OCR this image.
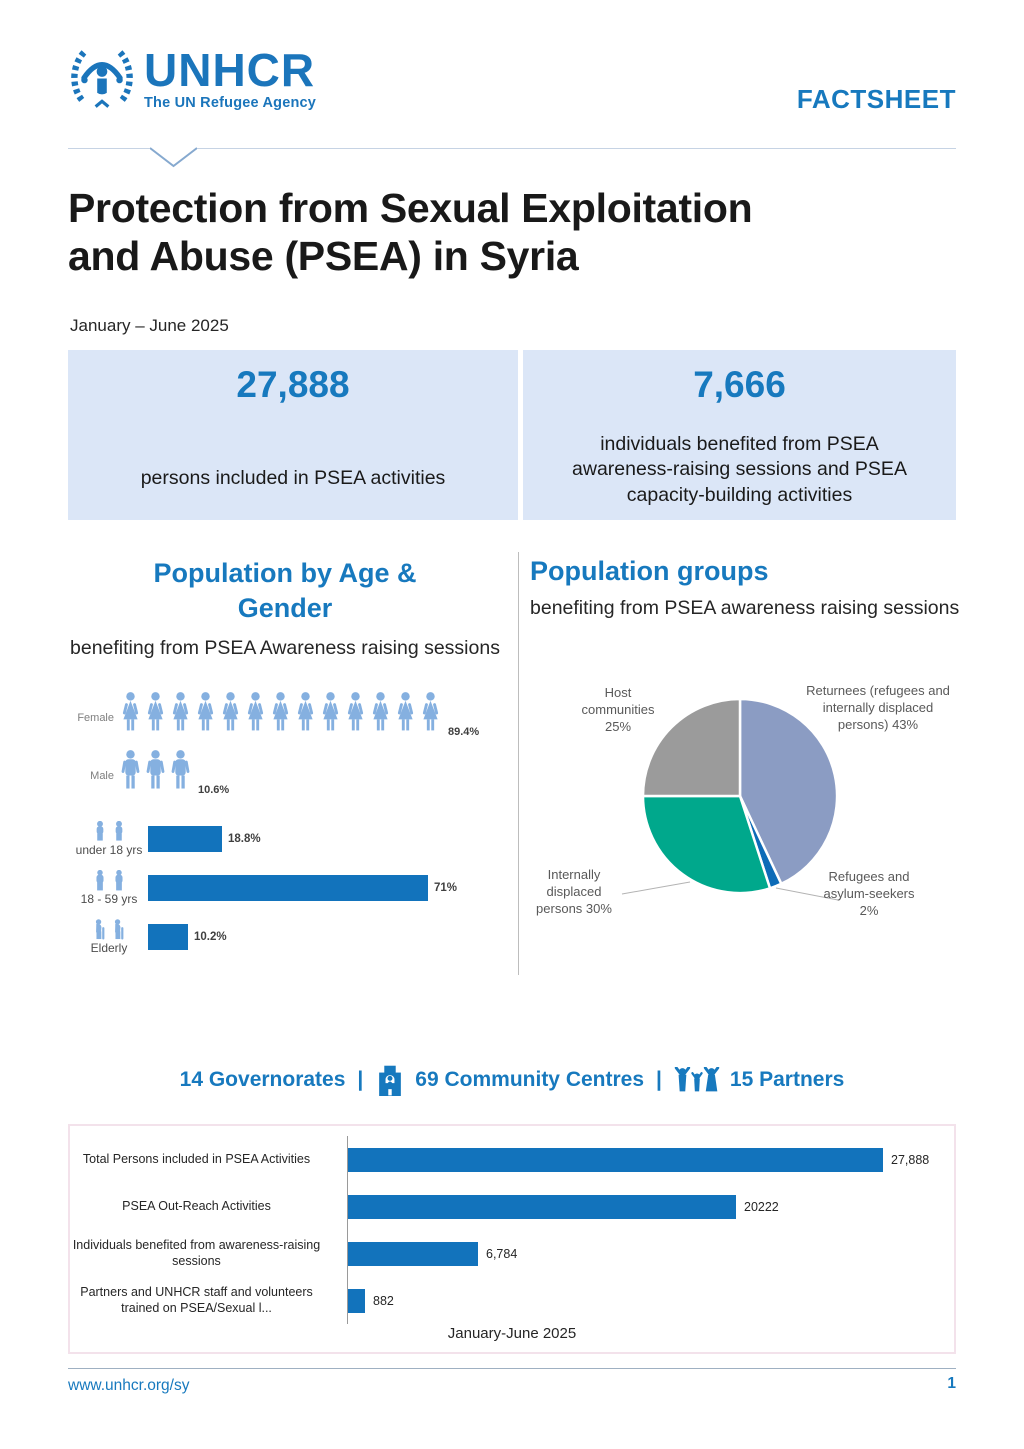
UNHCR
The UN Refugee Agency	FACTSHEET
Protection from Sexual Exploitation
and Abuse (PSEA) in Syria
January – June 2025
27,888
persons included in PSEA activities
7,666
individuals benefited from PSEA awareness-raising sessions and PSEA capacity-building activities
Population by Age & Gender
benefiting from PSEA Awareness raising sessions
Female
89.4%
Male
10.6%
under 18 yrs
18.8%
18 - 59 yrs
71%
Elderly
10.2%
Population groups
benefiting from PSEA awareness raising sessions
Host communities 25%
Returnees (refugees and internally displaced persons) 43%
Internally displaced persons 30%
Refugees and asylum-seekers 2%
14 Governorates | 69 Community Centres |	15 Partners
Total Persons included in PSEA Activities	27,888
PSEA Out-Reach Activities	20222
Individuals benefited from awareness-raising sessions	6,784
Partners and UNHCR staff and volunteers trained on PSEA/Sexual l...	882
January-June 2025
www.unhcr.org/sy	1
